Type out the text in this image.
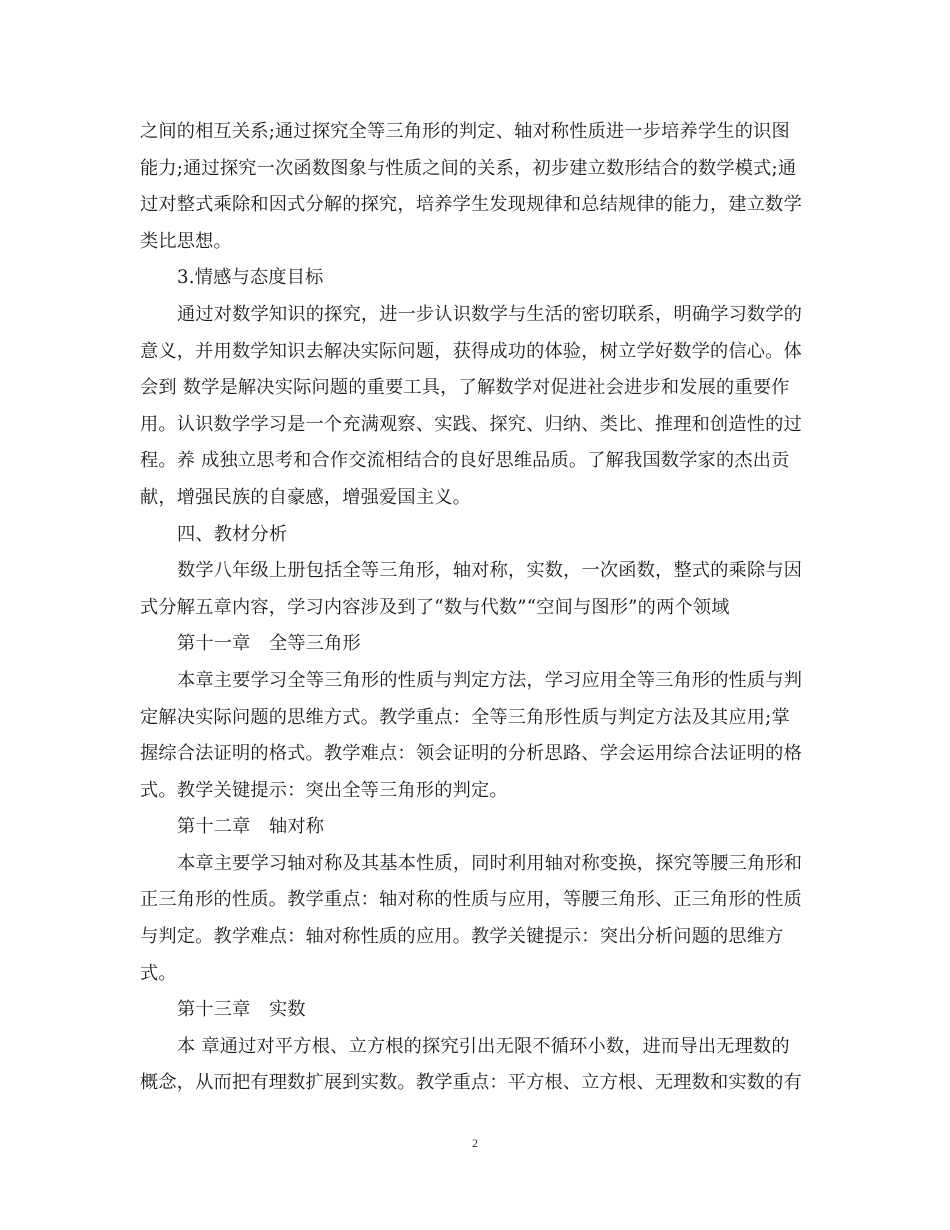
之间的相互关系;通过探究全等三角形的判定、轴对称性质进一步培养学生的识图
能力;通过探究一次函数图象与性质之间的关系，初步建立数形结合的数学模式;通
过对整式乘除和因式分解的探究，培养学生发现规律和总结规律的能力，建立数学
类比思想。
3.情感与态度目标
通过对数学知识的探究，进一步认识数学与生活的密切联系，明确学习数学的
意义，并用数学知识去解决实际问题，获得成功的体验，树立学好数学的信心。体
会到 数学是解决实际问题的重要工具，了解数学对促进社会进步和发展的重要作
用。认识数学学习是一个充满观察、实践、探究、归纳、类比、推理和创造性的过
程。养 成独立思考和合作交流相结合的良好思维品质。了解我国数学家的杰出贡
献，增强民族的自豪感，增强爱国主义。
四、教材分析
数学八年级上册包括全等三角形，轴对称，实数，一次函数，整式的乘除与因
式分解五章内容，学习内容涉及到了“数与代数”“空间与图形”的两个领域
第十一章　全等三角形
本章主要学习全等三角形的性质与判定方法，学习应用全等三角形的性质与判
定解决实际问题的思维方式。教学重点：全等三角形性质与判定方法及其应用;掌
握综合法证明的格式。教学难点：领会证明的分析思路、学会运用综合法证明的格
式。教学关键提示：突出全等三角形的判定。
第十二章　轴对称
本章主要学习轴对称及其基本性质，同时利用轴对称变换，探究等腰三角形和
正三角形的性质。教学重点：轴对称的性质与应用，等腰三角形、正三角形的性质
与判定。教学难点：轴对称性质的应用。教学关键提示：突出分析问题的思维方
式。
第十三章　实数
本 章通过对平方根、立方根的探究引出无限不循环小数，进而导出无理数的
概念，从而把有理数扩展到实数。教学重点：平方根、立方根、无理数和实数的有
2
